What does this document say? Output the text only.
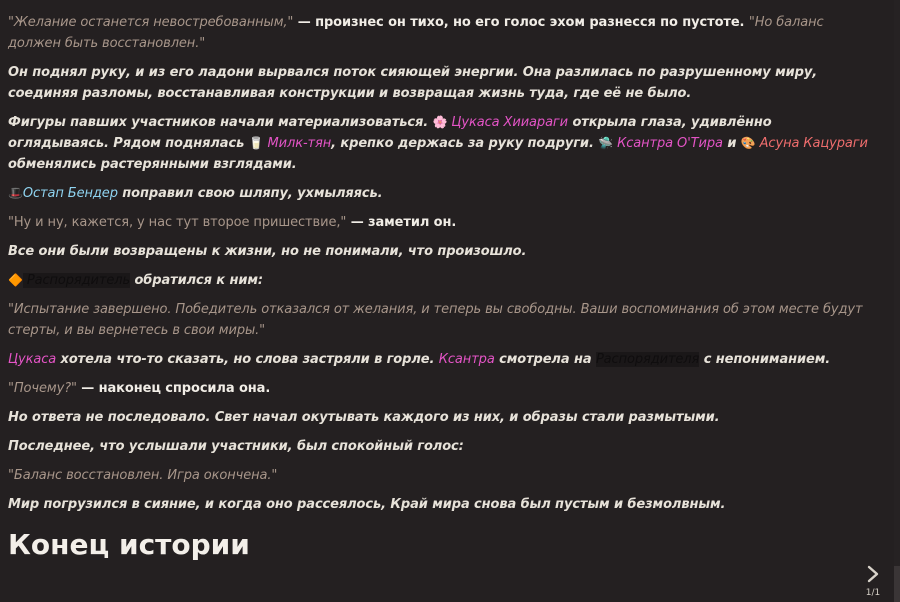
"Желание останется невостребованным," — произнес он тихо, но его голос эхом разнесся по пустоте. "Но баланс должен быть восстановлен."

Он поднял руку, и из его ладони вырвался поток сияющей энергии. Она разлилась по разрушенному миру, соединяя разломы, восстанавливая конструкции и возвращая жизнь туда, где её не было.

Фигуры павших участников начали материализоваться. 🌸 Цукаса Хииараги открыла глаза, удивлённо оглядываясь. Рядом поднялась 🥛 Милк-тян, крепко держась за руку подруги. 🛸 Ксантра О'Тира и 🎨 Асуна Кацураги обменялись растерянными взглядами.

🎩Остап Бендер поправил свою шляпу, ухмыляясь.

"Ну и ну, кажется, у нас тут второе пришествие," — заметил он.

Все они были возвращены к жизни, но не понимали, что произошло.

🔶 Распорядитель обратился к ним:

"Испытание завершено. Победитель отказался от желания, и теперь вы свободны. Ваши воспоминания об этом месте будут стерты, и вы вернетесь в свои миры."

Цукаса хотела что-то сказать, но слова застряли в горле. Ксантра смотрела на Распорядителя с непониманием.

"Почему?" — наконец спросила она.

Но ответа не последовало. Свет начал окутывать каждого из них, и образы стали размытыми.

Последнее, что услышали участники, был спокойный голос:

"Баланс восстановлен. Игра окончена."

Мир погрузился в сияние, и когда оно рассеялось, Край мира снова был пустым и безмолвным.

Конец истории
1/1
